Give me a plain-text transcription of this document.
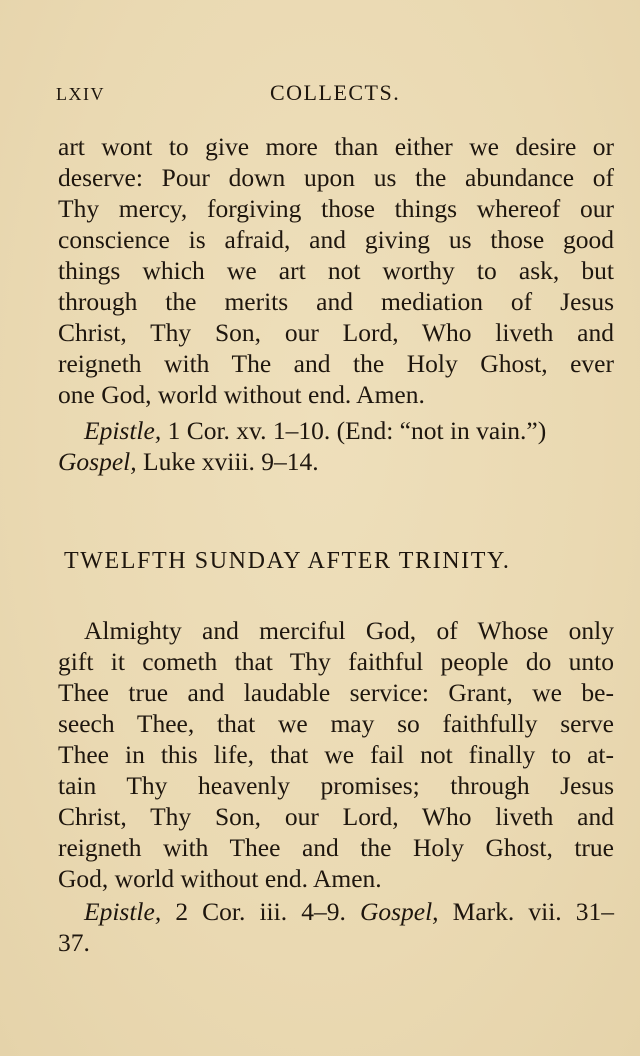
LXIV	COLLECTS.
art wont to give more than either we desire or
deserve: Pour down upon us the abundance of
Thy mercy, forgiving those things whereof our
conscience is afraid, and giving us those good
things which we art not worthy to ask, but
through the merits and mediation of Jesus
Christ, Thy Son, our Lord, Who liveth and
reigneth with The and the Holy Ghost, ever
one God, world without end. Amen.
Epistle, 1 Cor. xv. 1–10. (End: “not in vain.”)
Gospel, Luke xviii. 9–14.
TWELFTH SUNDAY AFTER TRINITY.
Almighty and merciful God, of Whose only
gift it cometh that Thy faithful people do unto
Thee true and laudable service: Grant, we be-
seech Thee, that we may so faithfully serve
Thee in this life, that we fail not finally to at-
tain Thy heavenly promises; through Jesus
Christ, Thy Son, our Lord, Who liveth and
reigneth with Thee and the Holy Ghost, true
God, world without end. Amen.
Epistle, 2 Cor. iii. 4–9. Gospel, Mark. vii. 31–
37.
